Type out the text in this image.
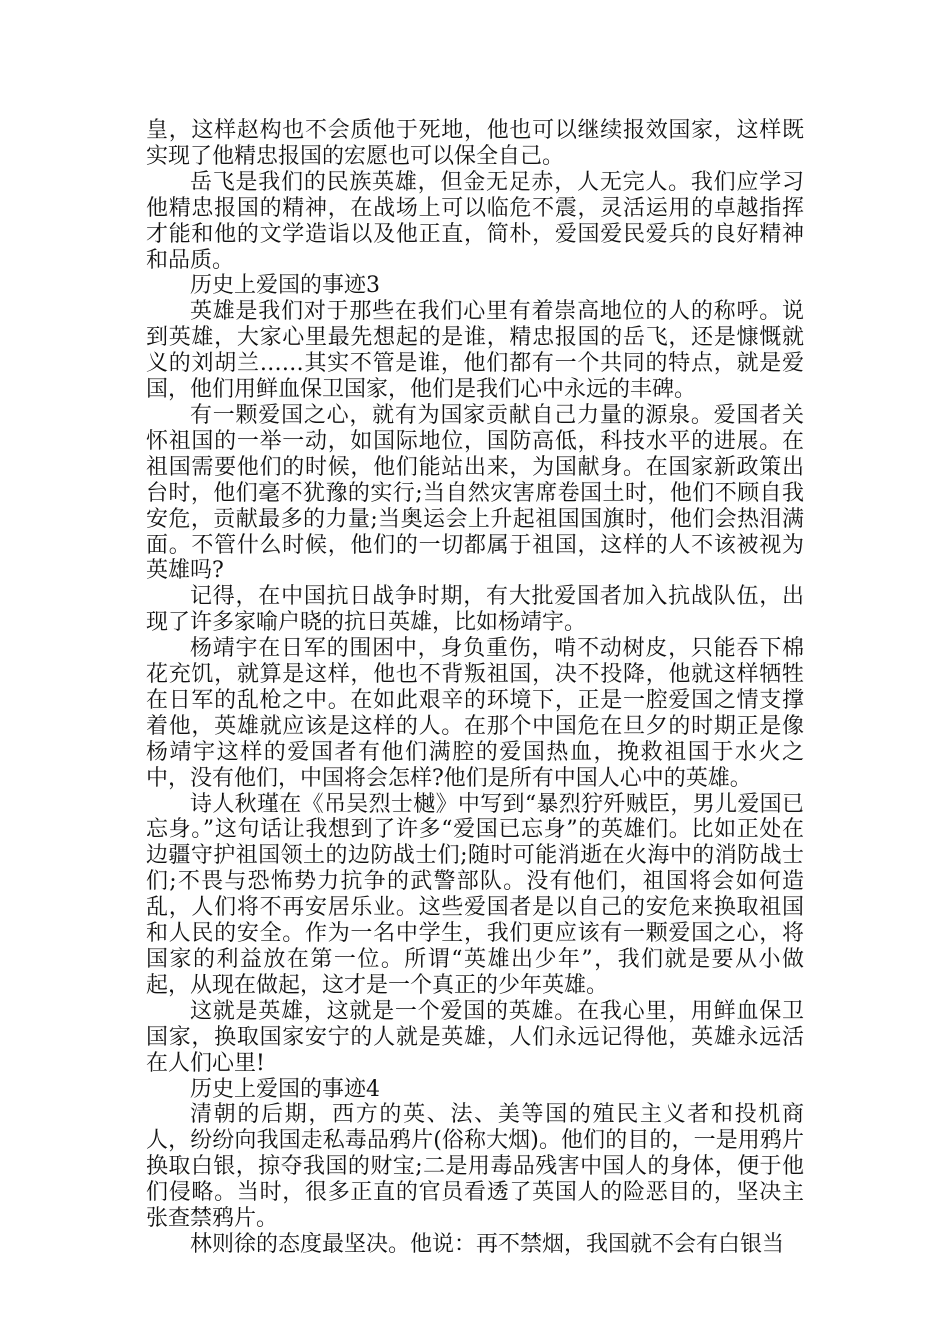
皇，这样赵构也不会质他于死地，他也可以继续报效国家，这样既实现了他精忠报国的宏愿也可以保全自己。

岳飞是我们的民族英雄，但金无足赤，人无完人。我们应学习他精忠报国的精神，在战场上可以临危不震，灵活运用的卓越指挥才能和他的文学造诣以及他正直，简朴，爱国爱民爱兵的良好精神和品质。

历史上爱国的事迹3

英雄是我们对于那些在我们心里有着崇高地位的人的称呼。说到英雄，大家心里最先想起的是谁，精忠报国的岳飞，还是慷慨就义的刘胡兰……其实不管是谁，他们都有一个共同的特点，就是爱国，他们用鲜血保卫国家，他们是我们心中永远的丰碑。

有一颗爱国之心，就有为国家贡献自己力量的源泉。爱国者关怀祖国的一举一动，如国际地位，国防高低，科技水平的进展。在祖国需要他们的时候，他们能站出来，为国献身。在国家新政策出台时，他们毫不犹豫的实行;当自然灾害席卷国土时，他们不顾自我安危，贡献最多的力量;当奥运会上升起祖国国旗时，他们会热泪满面。不管什么时候，他们的一切都属于祖国，这样的人不该被视为英雄吗?

记得，在中国抗日战争时期，有大批爱国者加入抗战队伍，出现了许多家喻户晓的抗日英雄，比如杨靖宇。

杨靖宇在日军的围困中，身负重伤，啃不动树皮，只能吞下棉花充饥，就算是这样，他也不背叛祖国，决不投降，他就这样牺牲在日军的乱枪之中。在如此艰辛的环境下，正是一腔爱国之情支撑着他，英雄就应该是这样的人。在那个中国危在旦夕的时期正是像杨靖宇这样的爱国者有他们满腔的爱国热血，挽救祖国于水火之中，没有他们，中国将会怎样?他们是所有中国人心中的英雄。

诗人秋瑾在《吊吴烈士樾》中写到“暴烈狞歼贼臣，男儿爱国已忘身。”这句话让我想到了许多“爱国已忘身”的英雄们。比如正处在边疆守护祖国领土的边防战士们;随时可能消逝在火海中的消防战士们;不畏与恐怖势力抗争的武警部队。没有他们，祖国将会如何造乱，人们将不再安居乐业。这些爱国者是以自己的安危来换取祖国和人民的安全。作为一名中学生，我们更应该有一颗爱国之心，将国家的利益放在第一位。所谓“英雄出少年”，我们就是要从小做起，从现在做起，这才是一个真正的少年英雄。

这就是英雄，这就是一个爱国的英雄。在我心里，用鲜血保卫国家，换取国家安宁的人就是英雄，人们永远记得他，英雄永远活在人们心里!

历史上爱国的事迹4

清朝的后期，西方的英、法、美等国的殖民主义者和投机商人，纷纷向我国走私毒品鸦片(俗称大烟)。他们的目的，一是用鸦片换取白银，掠夺我国的财宝;二是用毒品残害中国人的身体，便于他们侵略。当时，很多正直的官员看透了英国人的险恶目的，坚决主张查禁鸦片。

林则徐的态度最坚决。他说：再不禁烟，我国就不会有白银当
